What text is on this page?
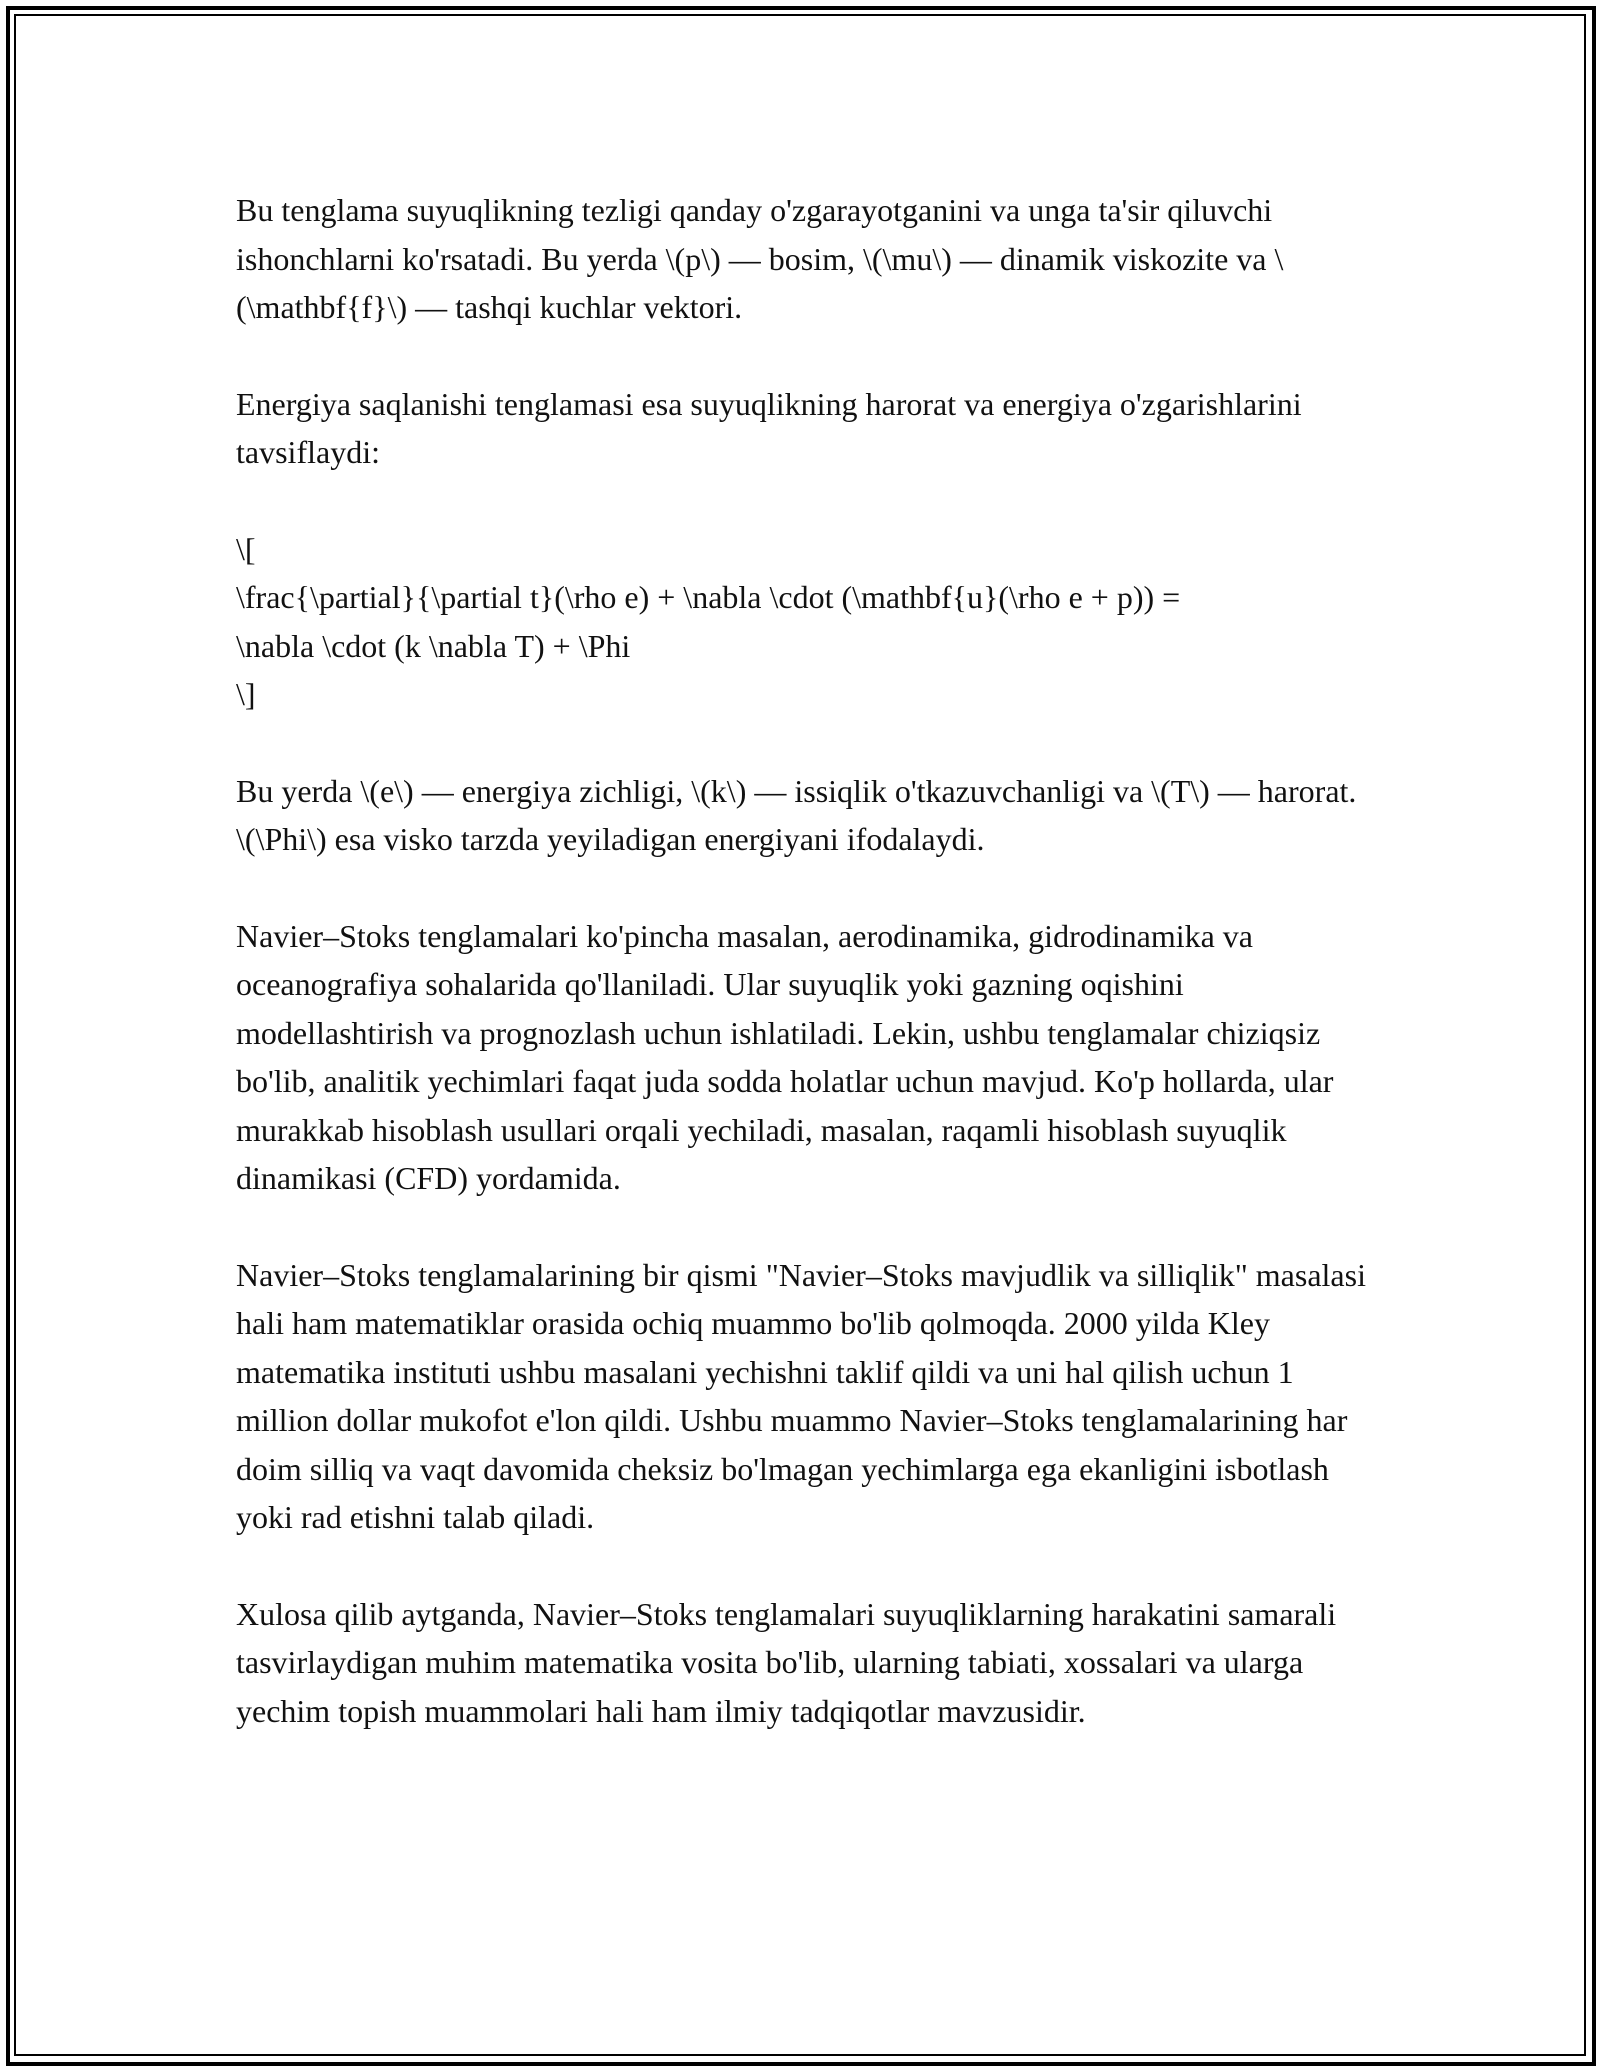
Bu tenglama suyuqlikning tezligi qanday o'zgarayotganini va unga ta'sir qiluvchi ishonchlarni ko'rsatadi. Bu yerda \(p\) — bosim, \(\mu\) — dinamik viskozite va \(\mathbf{f}\) — tashqi kuchlar vektori.

Energiya saqlanishi tenglamasi esa suyuqlikning harorat va energiya o'zgarishlarini tavsiflaydi:

\[
\frac{\partial}{\partial t}(\rho e) + \nabla \cdot (\mathbf{u}(\rho e + p)) =
\nabla \cdot (k \nabla T) + \Phi
\]

Bu yerda \(e\) — energiya zichligi, \(k\) — issiqlik o'tkazuvchanligi va \(T\) — harorat. \(\Phi\) esa visko tarzda yeyiladigan energiyani ifodalaydi.

Navier–Stoks tenglamalari ko'pincha masalan, aerodinamika, gidrodinamika va oceanografiya sohalarida qo'llaniladi. Ular suyuqlik yoki gazning oqishini modellashtirish va prognozlash uchun ishlatiladi. Lekin, ushbu tenglamalar chiziqsiz bo'lib, analitik yechimlari faqat juda sodda holatlar uchun mavjud. Ko'p hollarda, ular murakkab hisoblash usullari orqali yechiladi, masalan, raqamli hisoblash suyuqlik dinamikasi (CFD) yordamida.

Navier–Stoks tenglamalarining bir qismi "Navier–Stoks mavjudlik va silliqlik" masalasi hali ham matematiklar orasida ochiq muammo bo'lib qolmoqda. 2000 yilda Kley matematika instituti ushbu masalani yechishni taklif qildi va uni hal qilish uchun 1 million dollar mukofot e'lon qildi. Ushbu muammo Navier–Stoks tenglamalarining har doim silliq va vaqt davomida cheksiz bo'lmagan yechimlarga ega ekanligini isbotlash yoki rad etishni talab qiladi.

Xulosa qilib aytganda, Navier–Stoks tenglamalari suyuqliklarning harakatini samarali tasvirlaydigan muhim matematika vosita bo'lib, ularning tabiati, xossalari va ularga yechim topish muammolari hali ham ilmiy tadqiqotlar mavzusidir.
